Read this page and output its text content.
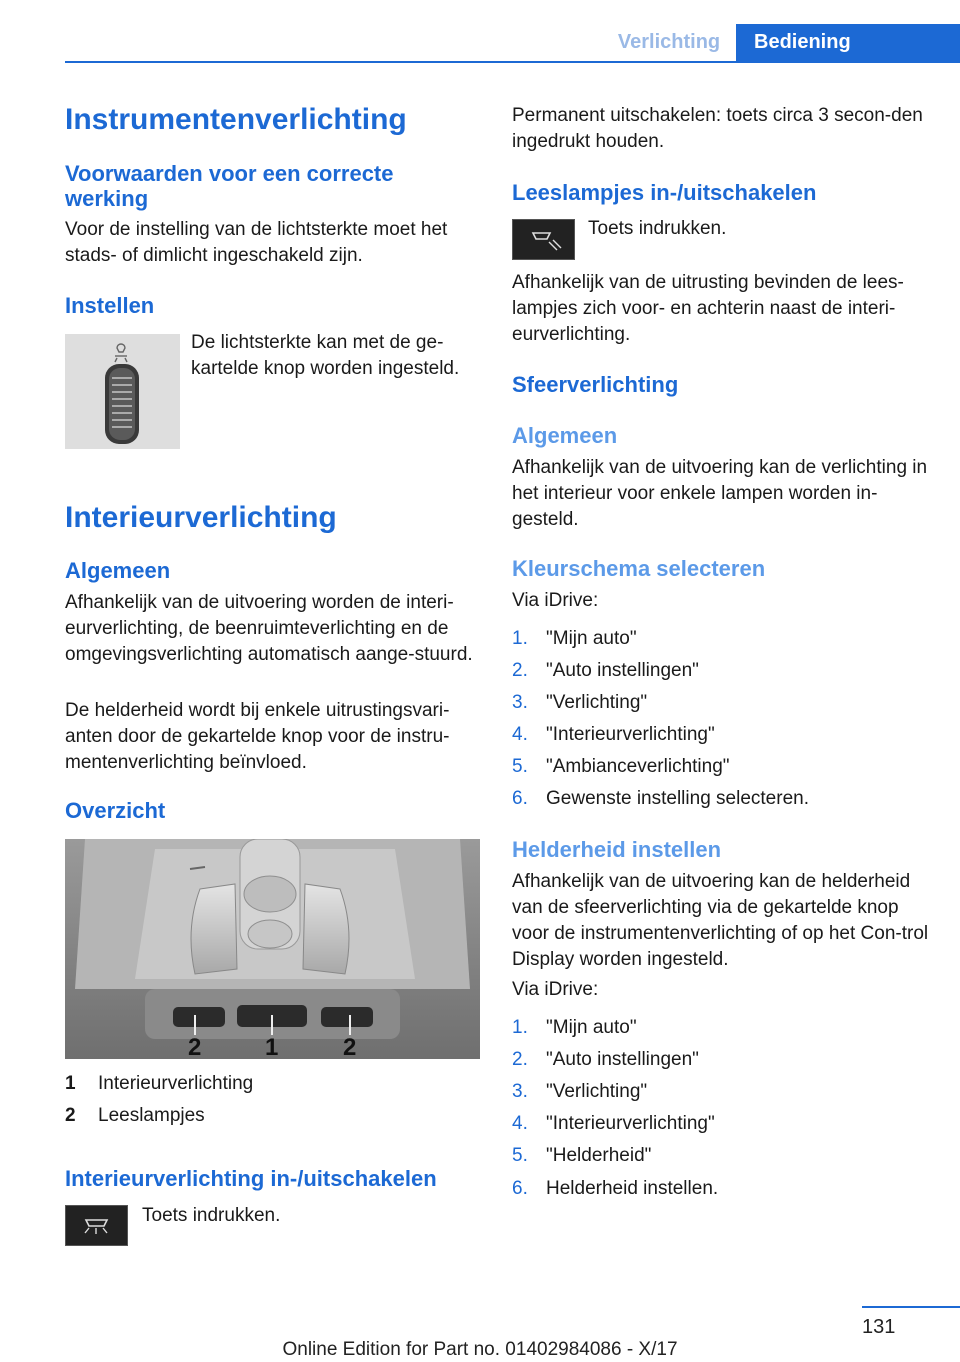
Verlichting	Bediening
Instrumentenverlichting
Voorwaarden voor een correcte werking
Voor de instelling van de lichtsterkte moet het stads- of dimlicht ingeschakeld zijn.
Instellen
De lichtsterkte kan met de ge-
kartelde knop worden ingesteld.
Interieurverlichting
Algemeen
Afhankelijk van de uitvoering worden de interi-eurverlichting, de beenruimteverlichting en de omgevingsverlichting automatisch aange-stuurd.
De helderheid wordt bij enkele uitrustingsvari-anten door de gekartelde knop voor de instru-mentenverlichting beïnvloed.
Overzicht
2	1	2
1 Interieurverlichting
2 Leeslampjes
Interieurverlichting in-/uitschakelen
Toets indrukken.
Permanent uitschakelen: toets circa 3 secon-den ingedrukt houden.
Leeslampjes in-/uitschakelen
Toets indrukken.
Afhankelijk van de uitrusting bevinden de lees-lampjes zich voor- en achterin naast de interi-eurverlichting.
Sfeerverlichting
Algemeen
Afhankelijk van de uitvoering kan de verlichting in het interieur voor enkele lampen worden in-gesteld.
Kleurschema selecteren
Via iDrive:
1. "Mijn auto"
2. "Auto instellingen"
3. "Verlichting"
4. "Interieurverlichting"
5. "Ambianceverlichting"
6. Gewenste instelling selecteren.
Helderheid instellen
Afhankelijk van de uitvoering kan de helderheid van de sfeerverlichting via de gekartelde knop voor de instrumentenverlichting of op het Con-trol Display worden ingesteld.
Via iDrive:
1. "Mijn auto"
2. "Auto instellingen"
3. "Verlichting"
4. "Interieurverlichting"
5. "Helderheid"
6. Helderheid instellen.
131
Online Edition for Part no. 01402984086 - X/17
